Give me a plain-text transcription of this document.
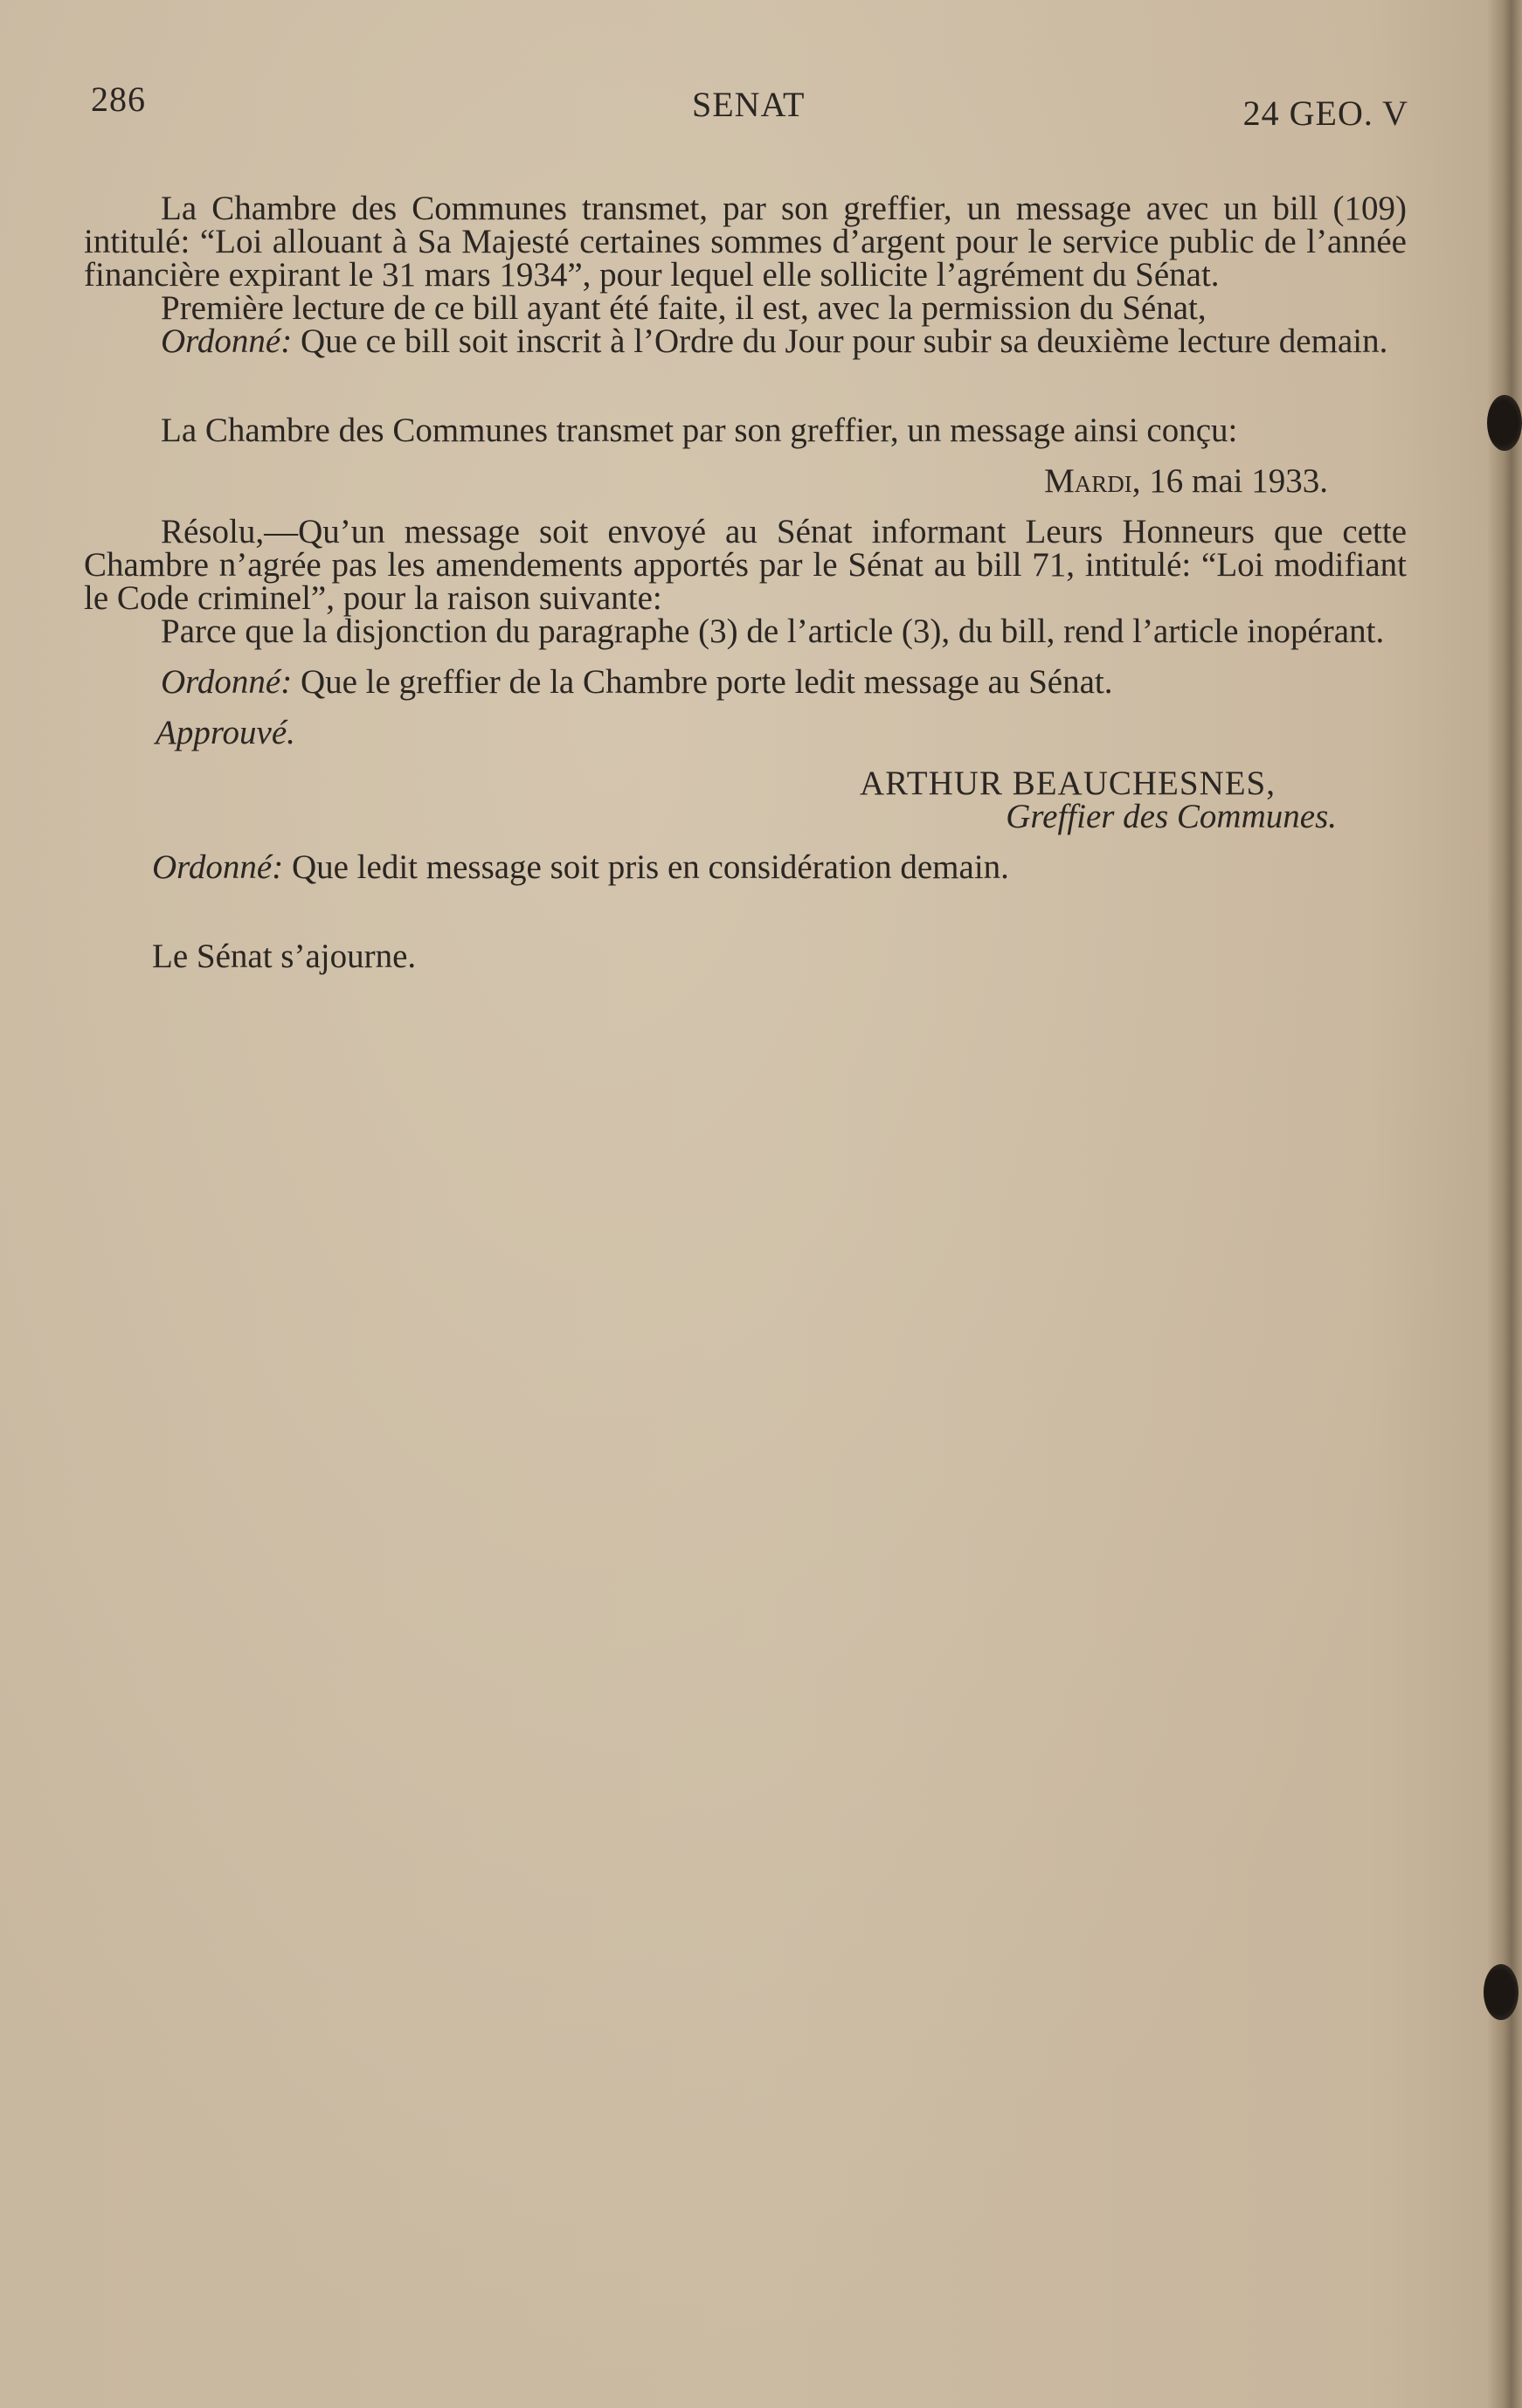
286	SENAT	24 GEO. V

La Chambre des Communes transmet, par son greffier, un message avec un bill (109) intitulé: “Loi allouant à Sa Majesté certaines sommes d’argent pour le service public de l’année financière expirant le 31 mars 1934”, pour lequel elle sollicite l’agrément du Sénat.

Première lecture de ce bill ayant été faite, il est, avec la permission du Sénat,

Ordonné: Que ce bill soit inscrit à l’Ordre du Jour pour subir sa deuxième lecture demain.

La Chambre des Communes transmet par son greffier, un message ainsi conçu:

Mardi, 16 mai 1933.

Résolu,—Qu’un message soit envoyé au Sénat informant Leurs Honneurs que cette Chambre n’agrée pas les amendements apportés par le Sénat au bill 71, intitulé: “Loi modifiant le Code criminel”, pour la raison suivante:

Parce que la disjonction du paragraphe (3) de l’article (3), du bill, rend l’article inopérant.

Ordonné: Que le greffier de la Chambre porte ledit message au Sénat.

Approuvé.

ARTHUR BEAUCHESNES,

Greffier des Communes.

Ordonné: Que ledit message soit pris en considération demain.

Le Sénat s’ajourne.
